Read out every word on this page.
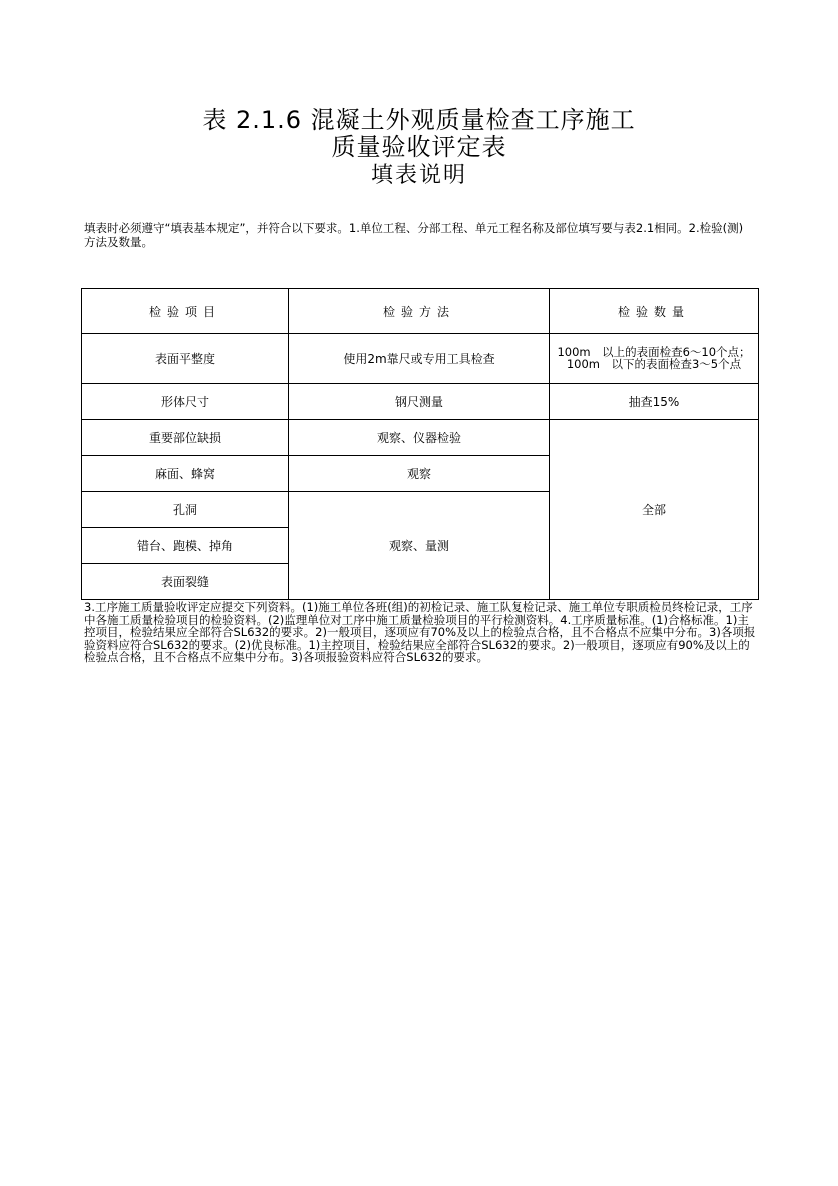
表 2.1.6 混凝土外观质量检查工序施工
质量验收评定表
填表说明
填表时必须遵守“填表基本规定”，并符合以下要求。1.单位工程、分部工程、单元工程名称及部位填写要与表2.1相同。2.检验(测)方法及数量。
检验项目	检验方法	检验数量
表面平整度	使用2m靠尺或专用工具检查	100m　以上的表面检查6～10个点；100m　以下的表面检查3～5个点
形体尺寸	钢尺测量	抽查15%
重要部位缺损	观察、仪器检验	全部
麻面、蜂窝	观察	
孔洞	观察、量测	
错台、跑模、掉角		
表面裂缝		
3.工序施工质量验收评定应提交下列资料。(1)施工单位各班(组)的初检记录、施工队复检记录、施工单位专职质检员终检记录，工序中各施工质量检验项目的检验资料。(2)监理单位对工序中施工质量检验项目的平行检测资料。4.工序质量标准。(1)合格标准。1)主控项目，检验结果应全部符合SL632的要求。2)一般项目，逐项应有70%及以上的检验点合格，且不合格点不应集中分布。3)各项报验资料应符合SL632的要求。(2)优良标准。1)主控项目，检验结果应全部符合SL632的要求。2)一般项目，逐项应有90%及以上的检验点合格，且不合格点不应集中分布。3)各项报验资料应符合SL632的要求。
